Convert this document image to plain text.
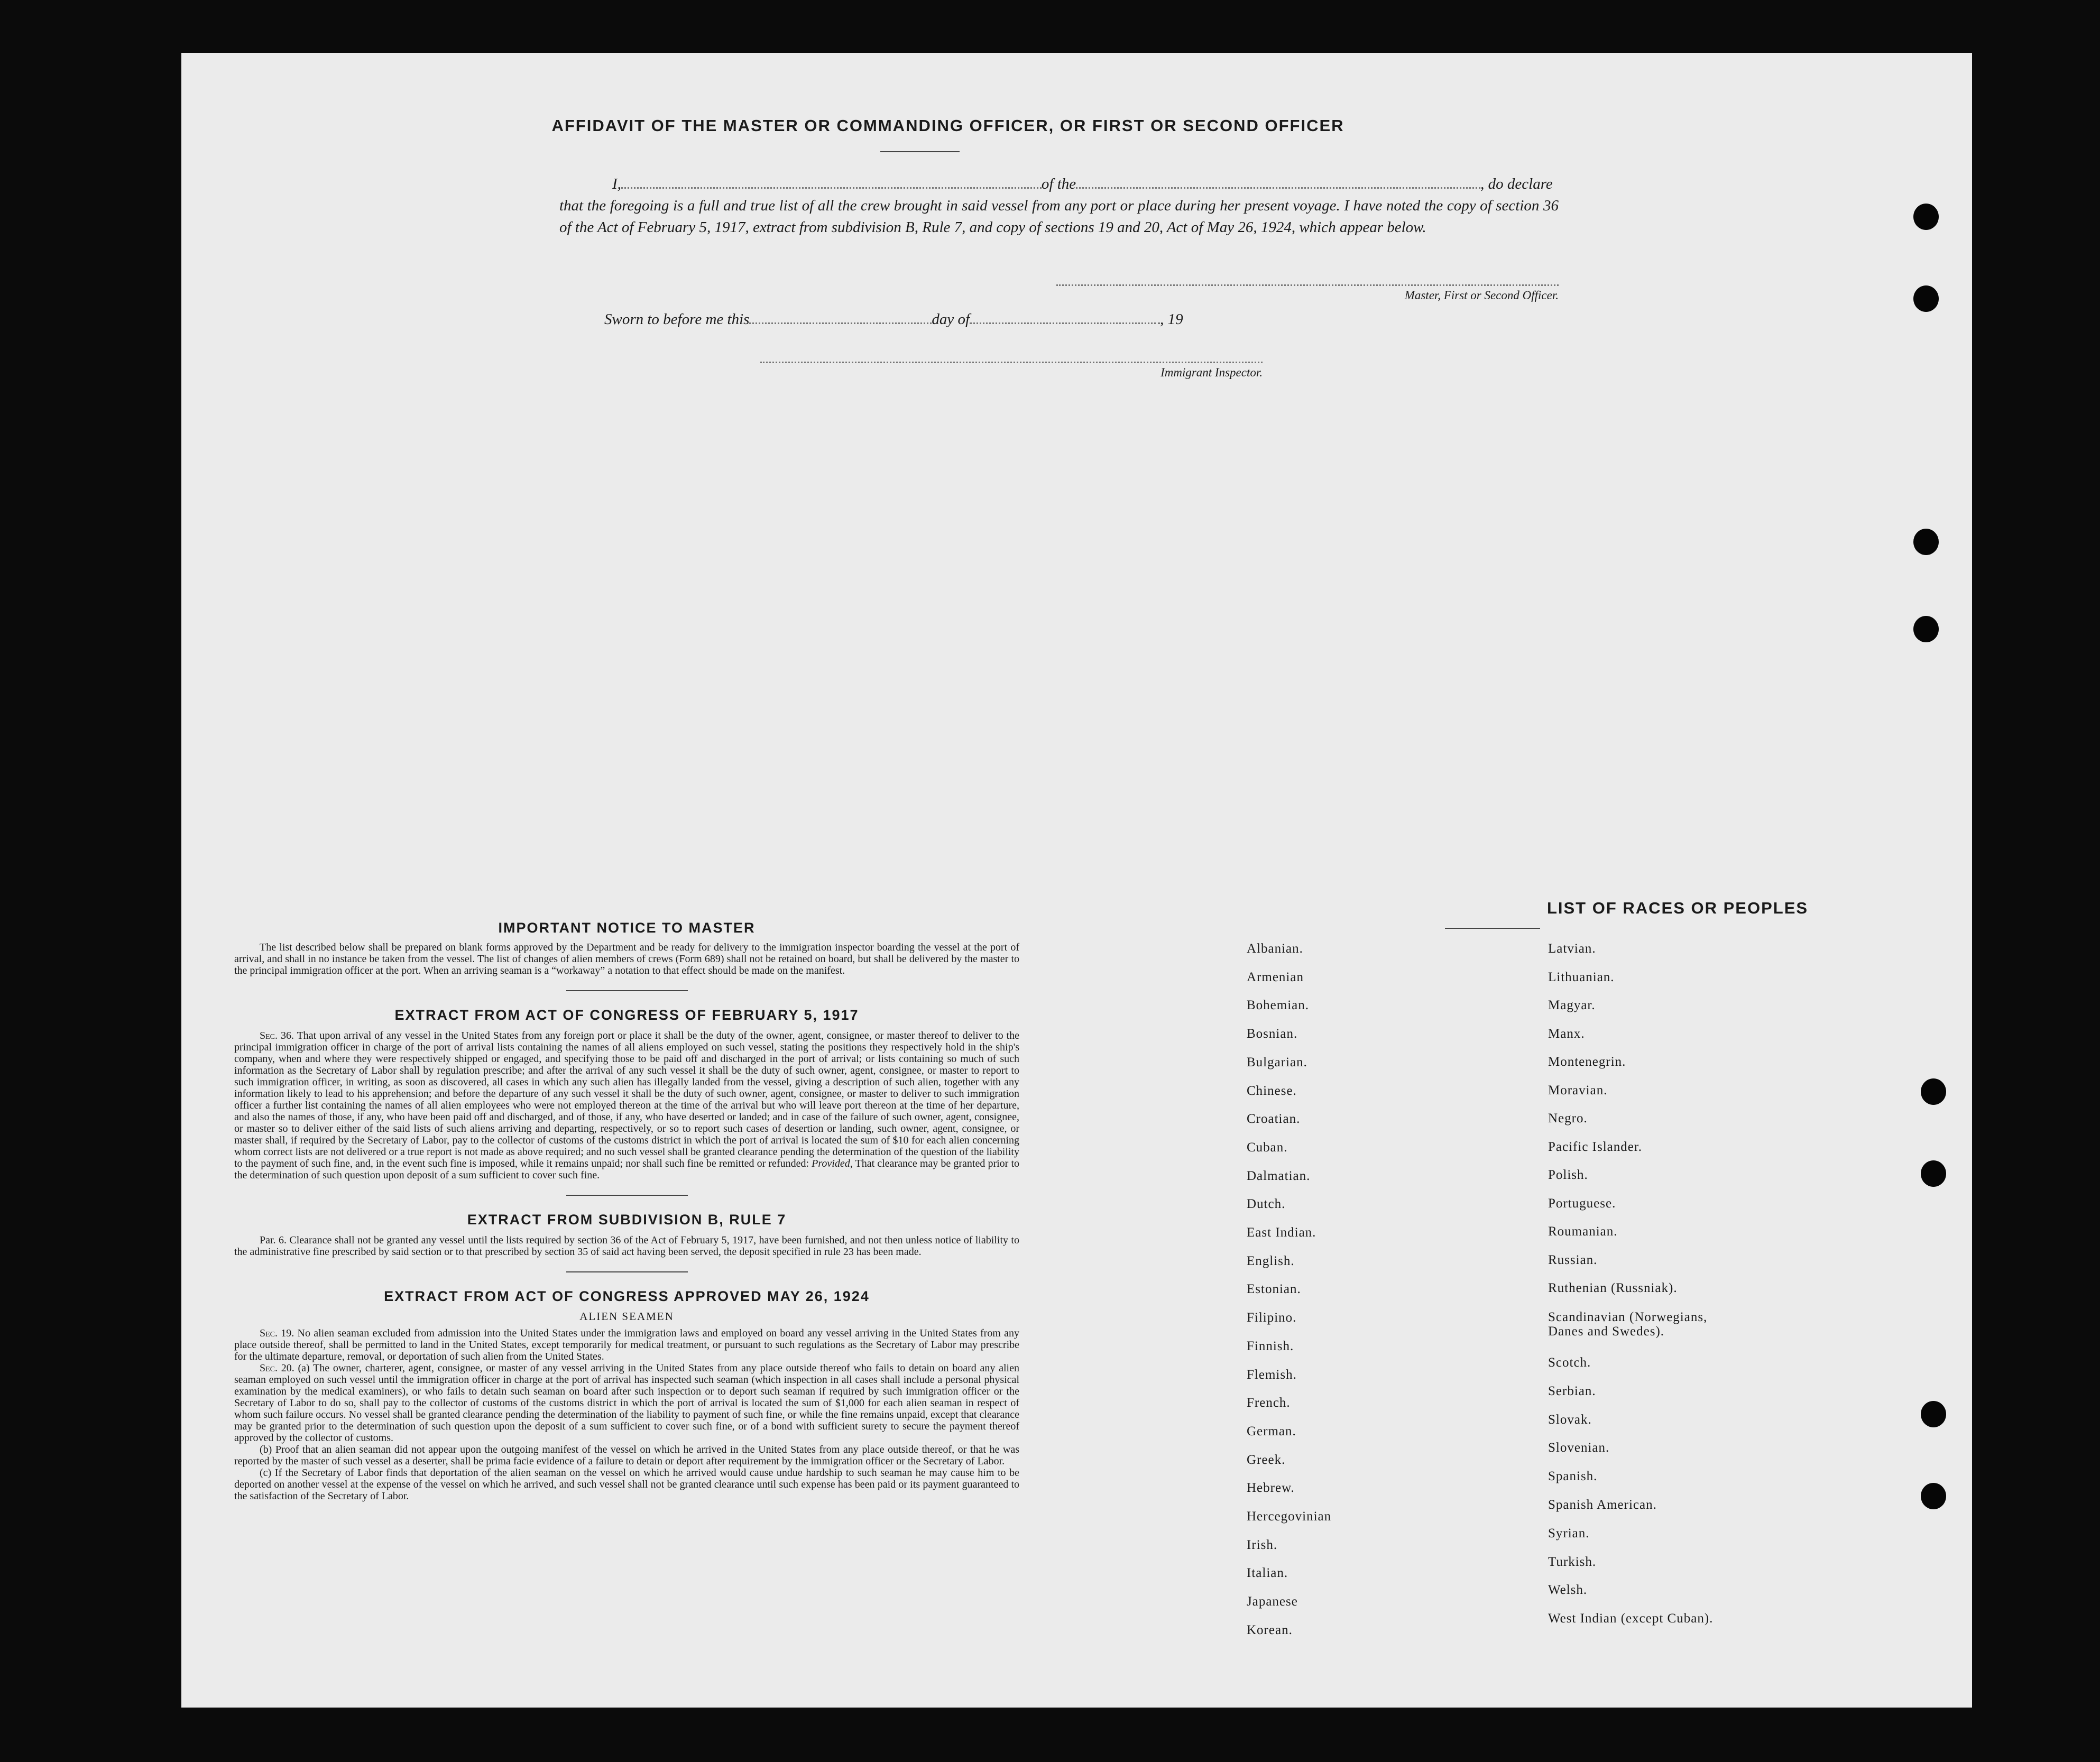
AFFIDAVIT OF THE MASTER OR COMMANDING OFFICER, OR FIRST OR SECOND OFFICER
I,	of the	, do declare
that the foregoing is a full and true list of all the crew brought in said vessel from any port or place during her present voyage. I have noted the copy of section 36 of the Act of February 5, 1917, extract from subdivision B, Rule 7, and copy of sections 19 and 20, Act of May 26, 1924, which appear below.
Master, First or Second Officer.
Sworn to before me this	day of	, 19
Immigrant Inspector.

IMPORTANT NOTICE TO MASTER

The list described below shall be prepared on blank forms approved by the Department and be ready for delivery to the immigration inspector boarding the vessel at the port of arrival, and shall in no instance be taken from the vessel. The list of changes of alien members of crews (Form 689) shall not be retained on board, but shall be delivered by the master to the principal immigration officer at the port. When an arriving seaman is a “workaway” a notation to that effect should be made on the manifest.

EXTRACT FROM ACT OF CONGRESS OF FEBRUARY 5, 1917

Sec. 36. That upon arrival of any vessel in the United States from any foreign port or place it shall be the duty of the owner, agent, consignee, or master thereof to deliver to the principal immigration officer in charge of the port of arrival lists containing the names of all aliens employed on such vessel, stating the positions they respectively hold in the ship's company, when and where they were respectively shipped or engaged, and specifying those to be paid off and discharged in the port of arrival; or lists containing so much of such information as the Secretary of Labor shall by regulation prescribe; and after the arrival of any such vessel it shall be the duty of such owner, agent, consignee, or master to report to such immigration officer, in writing, as soon as discovered, all cases in which any such alien has illegally landed from the vessel, giving a description of such alien, together with any information likely to lead to his apprehension; and before the departure of any such vessel it shall be the duty of such owner, agent, consignee, or master to deliver to such immigration officer a further list containing the names of all alien employees who were not employed thereon at the time of the arrival but who will leave port thereon at the time of her departure, and also the names of those, if any, who have been paid off and discharged, and of those, if any, who have deserted or landed; and in case of the failure of such owner, agent, consignee, or master so to deliver either of the said lists of such aliens arriving and departing, respectively, or so to report such cases of desertion or landing, such owner, agent, consignee, or master shall, if required by the Secretary of Labor, pay to the collector of customs of the customs district in which the port of arrival is located the sum of $10 for each alien concerning whom correct lists are not delivered or a true report is not made as above required; and no such vessel shall be granted clearance pending the determination of the question of the liability to the payment of such fine, and, in the event such fine is imposed, while it remains unpaid; nor shall such fine be remitted or refunded: Provided, That clearance may be granted prior to the determination of such question upon deposit of a sum sufficient to cover such fine.

EXTRACT FROM SUBDIVISION B, RULE 7

Par. 6. Clearance shall not be granted any vessel until the lists required by section 36 of the Act of February 5, 1917, have been furnished, and not then unless notice of liability to the administrative fine prescribed by said section or to that prescribed by section 35 of said act having been served, the deposit specified in rule 23 has been made.

EXTRACT FROM ACT OF CONGRESS APPROVED MAY 26, 1924

ALIEN SEAMEN

Sec. 19. No alien seaman excluded from admission into the United States under the immigration laws and employed on board any vessel arriving in the United States from any place outside thereof, shall be permitted to land in the United States, except temporarily for medical treatment, or pursuant to such regulations as the Secretary of Labor may prescribe for the ultimate departure, removal, or deportation of such alien from the United States.

Sec. 20. (a) The owner, charterer, agent, consignee, or master of any vessel arriving in the United States from any place outside thereof who fails to detain on board any alien seaman employed on such vessel until the immigration officer in charge at the port of arrival has inspected such seaman (which inspection in all cases shall include a personal physical examination by the medical examiners), or who fails to detain such seaman on board after such inspection or to deport such seaman if required by such immigration officer or the Secretary of Labor to do so, shall pay to the collector of customs of the customs district in which the port of arrival is located the sum of $1,000 for each alien seaman in respect of whom such failure occurs. No vessel shall be granted clearance pending the determination of the liability to payment of such fine, or while the fine remains unpaid, except that clearance may be granted prior to the determination of such question upon the deposit of a sum sufficient to cover such fine, or of a bond with sufficient surety to secure the payment thereof approved by the collector of customs.

(b) Proof that an alien seaman did not appear upon the outgoing manifest of the vessel on which he arrived in the United States from any place outside thereof, or that he was reported by the master of such vessel as a deserter, shall be prima facie evidence of a failure to detain or deport after requirement by the immigration officer or the Secretary of Labor.

(c) If the Secretary of Labor finds that deportation of the alien seaman on the vessel on which he arrived would cause undue hardship to such seaman he may cause him to be deported on another vessel at the expense of the vessel on which he arrived, and such vessel shall not be granted clearance until such expense has been paid or its payment guaranteed to the satisfaction of the Secretary of Labor.

LIST OF RACES OR PEOPLES
Albanian.
Armenian
Bohemian.
Bosnian.
Bulgarian.
Chinese.
Croatian.
Cuban.
Dalmatian.
Dutch.
East Indian.
English.
Estonian.
Filipino.
Finnish.
Flemish.
French.
German.
Greek.
Hebrew.
Hercegovinian
Irish.
Italian.
Japanese
Korean.
Latvian.
Lithuanian.
Magyar.
Manx.
Montenegrin.
Moravian.
Negro.
Pacific Islander.
Polish.
Portuguese.
Roumanian.
Russian.
Ruthenian (Russniak).
Scandinavian (Norwegians, Danes and Swedes).
Scotch.
Serbian.
Slovak.
Slovenian.
Spanish.
Spanish American.
Syrian.
Turkish.
Welsh.
West Indian (except Cuban).
